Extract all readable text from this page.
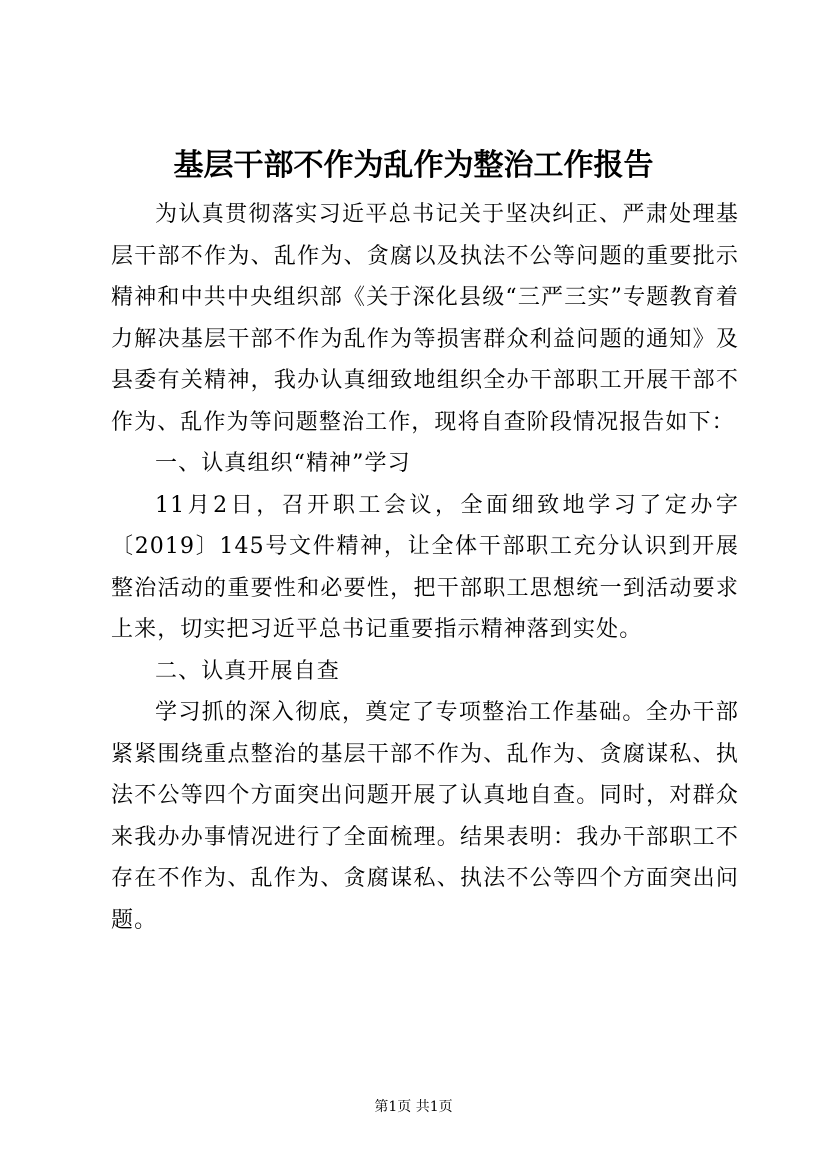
基层干部不作为乱作为整治工作报告

为认真贯彻落实习近平总书记关于坚决纠正、严肃处理基层干部不作为、乱作为、贪腐以及执法不公等问题的重要批示精神和中共中央组织部《关于深化县级“三严三实”专题教育着力解决基层干部不作为乱作为等损害群众利益问题的通知》及县委有关精神，我办认真细致地组织全办干部职工开展干部不作为、乱作为等问题整治工作，现将自查阶段情况报告如下：

一、认真组织“精神”学习

11月2日，召开职工会议，全面细致地学习了定办字〔2019〕145号文件精神，让全体干部职工充分认识到开展整治活动的重要性和必要性，把干部职工思想统一到活动要求上来，切实把习近平总书记重要指示精神落到实处。

二、认真开展自查

学习抓的深入彻底，奠定了专项整治工作基础。全办干部紧紧围绕重点整治的基层干部不作为、乱作为、贪腐谋私、执法不公等四个方面突出问题开展了认真地自查。同时，对群众来我办办事情况进行了全面梳理。结果表明：我办干部职工不存在不作为、乱作为、贪腐谋私、执法不公等四个方面突出问题。

第1页 共1页
